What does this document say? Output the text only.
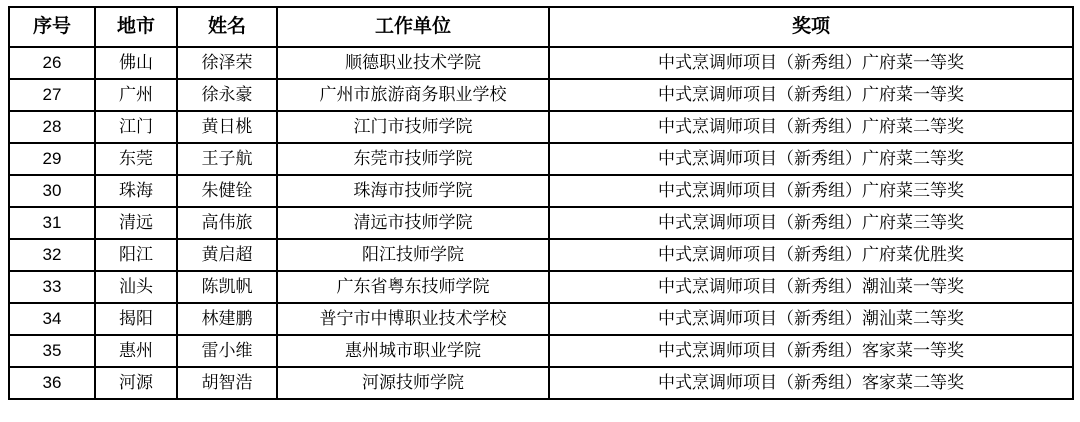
序号	地市	姓名	工作单位	奖项
26	佛山	徐泽荣	顺德职业技术学院	中式烹调师项目（新秀组）广府菜一等奖
27	广州	徐永豪	广州市旅游商务职业学校	中式烹调师项目（新秀组）广府菜一等奖
28	江门	黄日桃	江门市技师学院	中式烹调师项目（新秀组）广府菜二等奖
29	东莞	王子航	东莞市技师学院	中式烹调师项目（新秀组）广府菜二等奖
30	珠海	朱健铨	珠海市技师学院	中式烹调师项目（新秀组）广府菜三等奖
31	清远	高伟旅	清远市技师学院	中式烹调师项目（新秀组）广府菜三等奖
32	阳江	黄启超	阳江技师学院	中式烹调师项目（新秀组）广府菜优胜奖
33	汕头	陈凯帆	广东省粤东技师学院	中式烹调师项目（新秀组）潮汕菜一等奖
34	揭阳	林建鹏	普宁市中博职业技术学校	中式烹调师项目（新秀组）潮汕菜二等奖
35	惠州	雷小维	惠州城市职业学院	中式烹调师项目（新秀组）客家菜一等奖
36	河源	胡智浩	河源技师学院	中式烹调师项目（新秀组）客家菜二等奖
